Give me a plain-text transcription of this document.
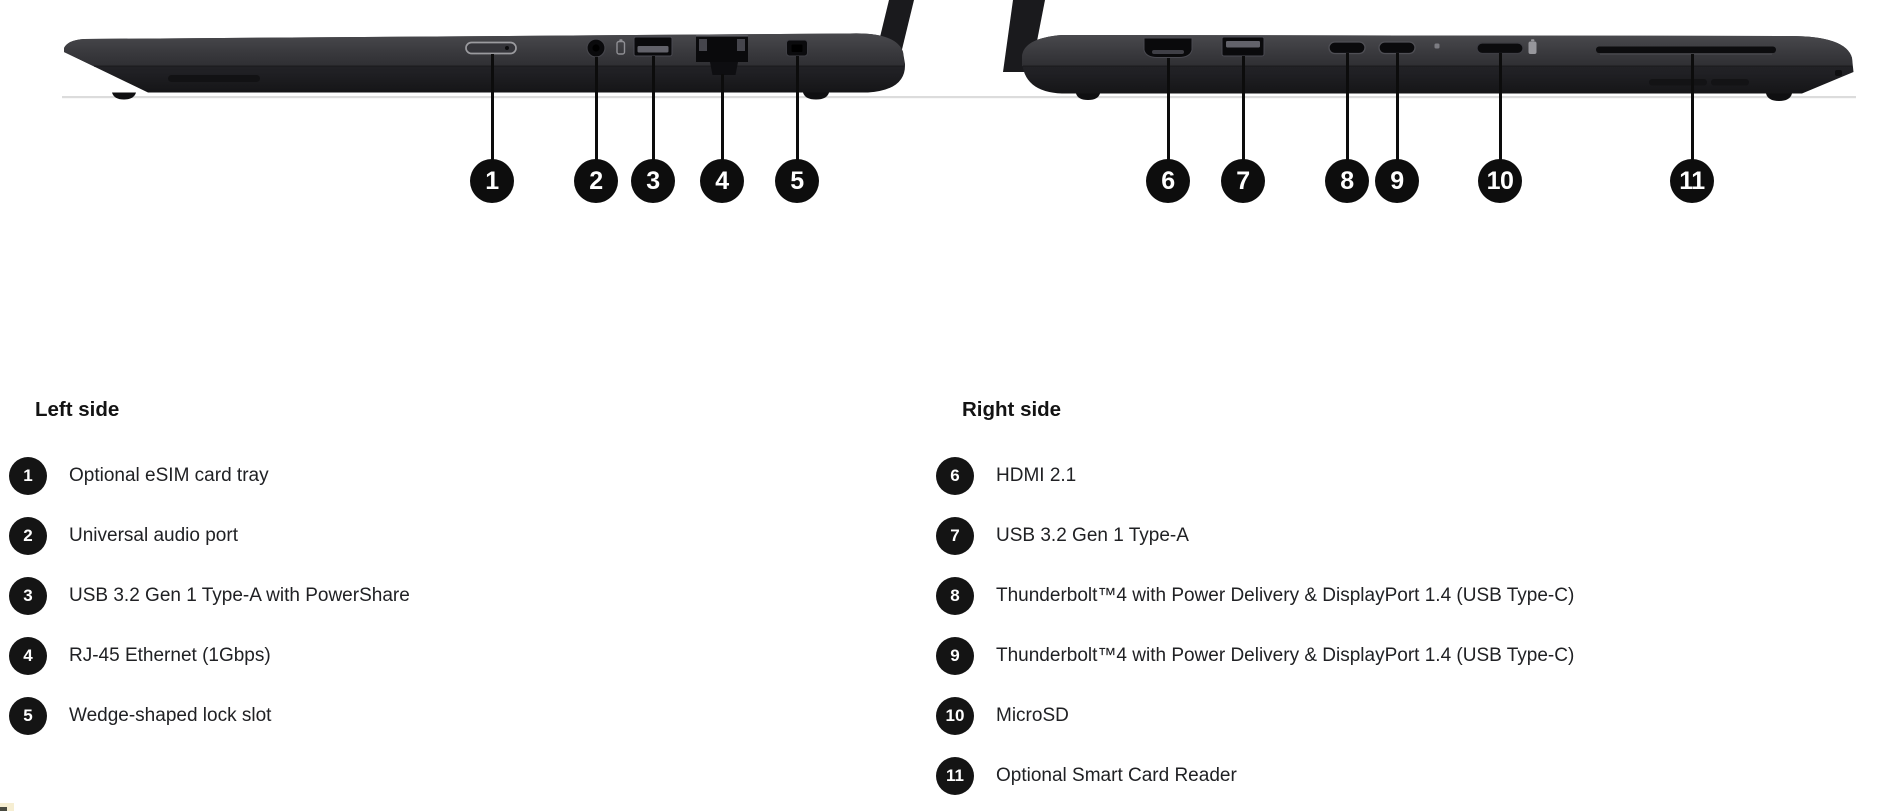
1	2 3 4 5	6 7	8 9	10	11
Left side
1	Optional eSIM card tray
2	Universal audio port
3	USB 3.2 Gen 1 Type-A with PowerShare
4	RJ-45 Ethernet (1Gbps)
5	Wedge-shaped lock slot
Right side
6	HDMI 2.1
7	USB 3.2 Gen 1 Type-A
8	Thunderbolt™4 with Power Delivery & DisplayPort 1.4 (USB Type-C)
9	Thunderbolt™4 with Power Delivery & DisplayPort 1.4 (USB Type-C)
10	MicroSD
11	Optional Smart Card Reader
